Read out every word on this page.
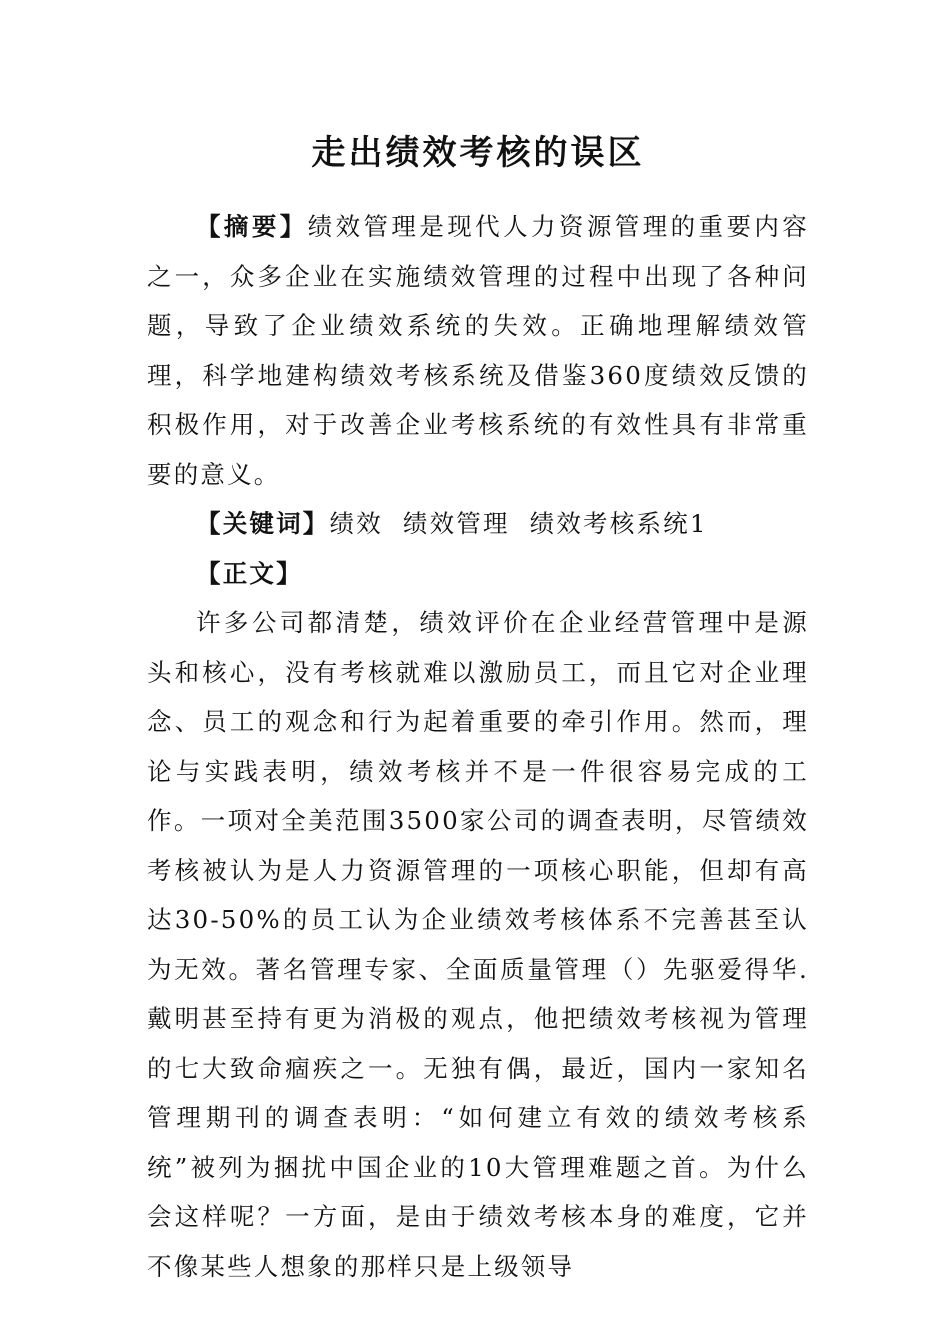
走出绩效考核的误区

【摘要】绩效管理是现代人力资源管理的重要内容之一，众多企业在实施绩效管理的过程中出现了各种问题，导致了企业绩效系统的失效。正确地理解绩效管理，科学地建构绩效考核系统及借鉴360度绩效反馈的积极作用，对于改善企业考核系统的有效性具有非常重要的意义。

【关键词】绩效  绩效管理  绩效考核系统1

【正文】

许多公司都清楚，绩效评价在企业经营管理中是源头和核心，没有考核就难以激励员工，而且它对企业理念、员工的观念和行为起着重要的牵引作用。然而，理论与实践表明，绩效考核并不是一件很容易完成的工作。一项对全美范围3500家公司的调查表明，尽管绩效考核被认为是人力资源管理的一项核心职能，但却有高达30-50%的员工认为企业绩效考核体系不完善甚至认为无效。著名管理专家、全面质量管理（）先驱爱得华.戴明甚至持有更为消极的观点，他把绩效考核视为管理的七大致命痼疾之一。无独有偶，最近，国内一家知名管理期刊的调查表明：“如何建立有效的绩效考核系统”被列为捆扰中国企业的10大管理难题之首。为什么会这样呢？一方面，是由于绩效考核本身的难度，它并不像某些人想象的那样只是上级领导
